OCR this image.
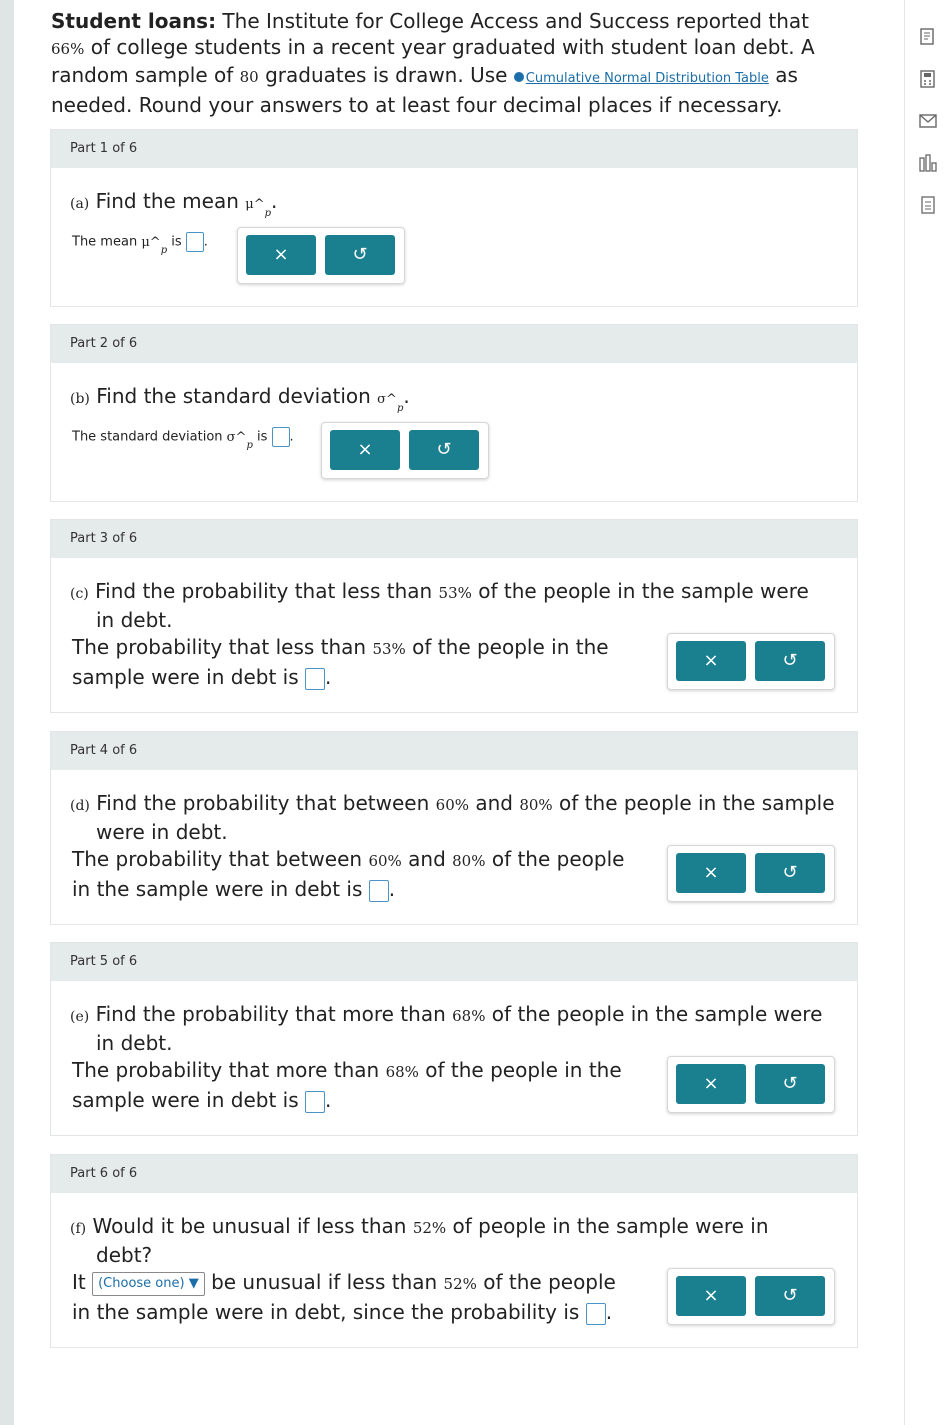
Student loans: The Institute for College Access and Success reported that 66% of college students in a recent year graduated with student loan debt. A random sample of 80 graduates is drawn. Use Cumulative Normal Distribution Table as needed. Round your answers to at least four decimal places if necessary.
Part 1 of 6
(a) Find the mean $\mu\^{}_p$.
The mean $\mu\^{}_p$ is .
×	↺
Part 2 of 6
(b) Find the standard deviation $\sigma\^{}_p$.
The standard deviation $\sigma\^{}_p$ is .
×	↺
Part 3 of 6
(c) Find the probability that less than 53% of the people in the sample were
in debt.
The probability that less than 53% of the people in the
sample were in debt is .
×	↺
Part 4 of 6
(d) Find the probability that between 60% and 80% of the people in the sample
were in debt.
The probability that between 60% and 80% of the people
in the sample were in debt is .
×	↺
Part 5 of 6
(e) Find the probability that more than 68% of the people in the sample were
in debt.
The probability that more than 68% of the people in the
sample were in debt is .
×	↺
Part 6 of 6
(f) Would it be unusual if less than 52% of people in the sample were in
debt?
It (Choose one) ▼ be unusual if less than 52% of the people
in the sample were in debt, since the probability is .
×	↺
